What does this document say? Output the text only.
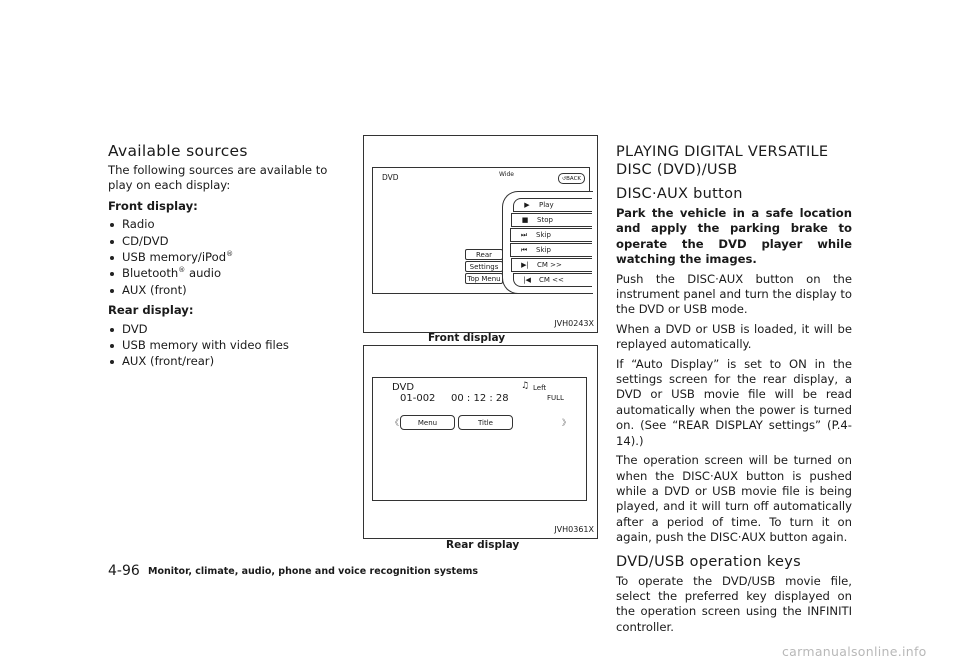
Available sources

The following sources are available to play on each display:

Front display:

Radio
CD/DVD
USB memory/iPod®
Bluetooth® audio
AUX (front)

Rear display:

DVD
USB memory with video files
AUX (front/rear)
DVD	Wide
↺ BACK
▶	Play
■	Stop
⏭	Skip
⏮	Skip
▶|	CM >>
|◀	CM <<
Rear
Settings
Top Menu
JVH0243X
Front display
DVD
01-002 00 : 12 : 28
♫ Left
FULL
《	Menu	Title	》
JVH0361X
Rear display
PLAYING DIGITAL VERSATILE DISC (DVD)/USB
DISC·AUX button

Park the vehicle in a safe location and apply the parking brake to operate the DVD player while watching the images.

Push the DISC·AUX button on the instrument panel and turn the display to the DVD or USB mode.

When a DVD or USB is loaded, it will be replayed automatically.

If “Auto Display” is set to ON in the settings screen for the rear display, a DVD or USB movie file will be read automatically when the power is turned on. (See “REAR DISPLAY settings” (P.4-14).)

The operation screen will be turned on when the DISC·AUX button is pushed while a DVD or USB movie file is being played, and it will turn off automatically after a period of time. To turn it on again, push the DISC·AUX button again.

DVD/USB operation keys

To operate the DVD/USB movie file, select the preferred key displayed on the operation screen using the INFINITI controller.

4-96 Monitor, climate, audio, phone and voice recognition systems
carmanualsonline.info
